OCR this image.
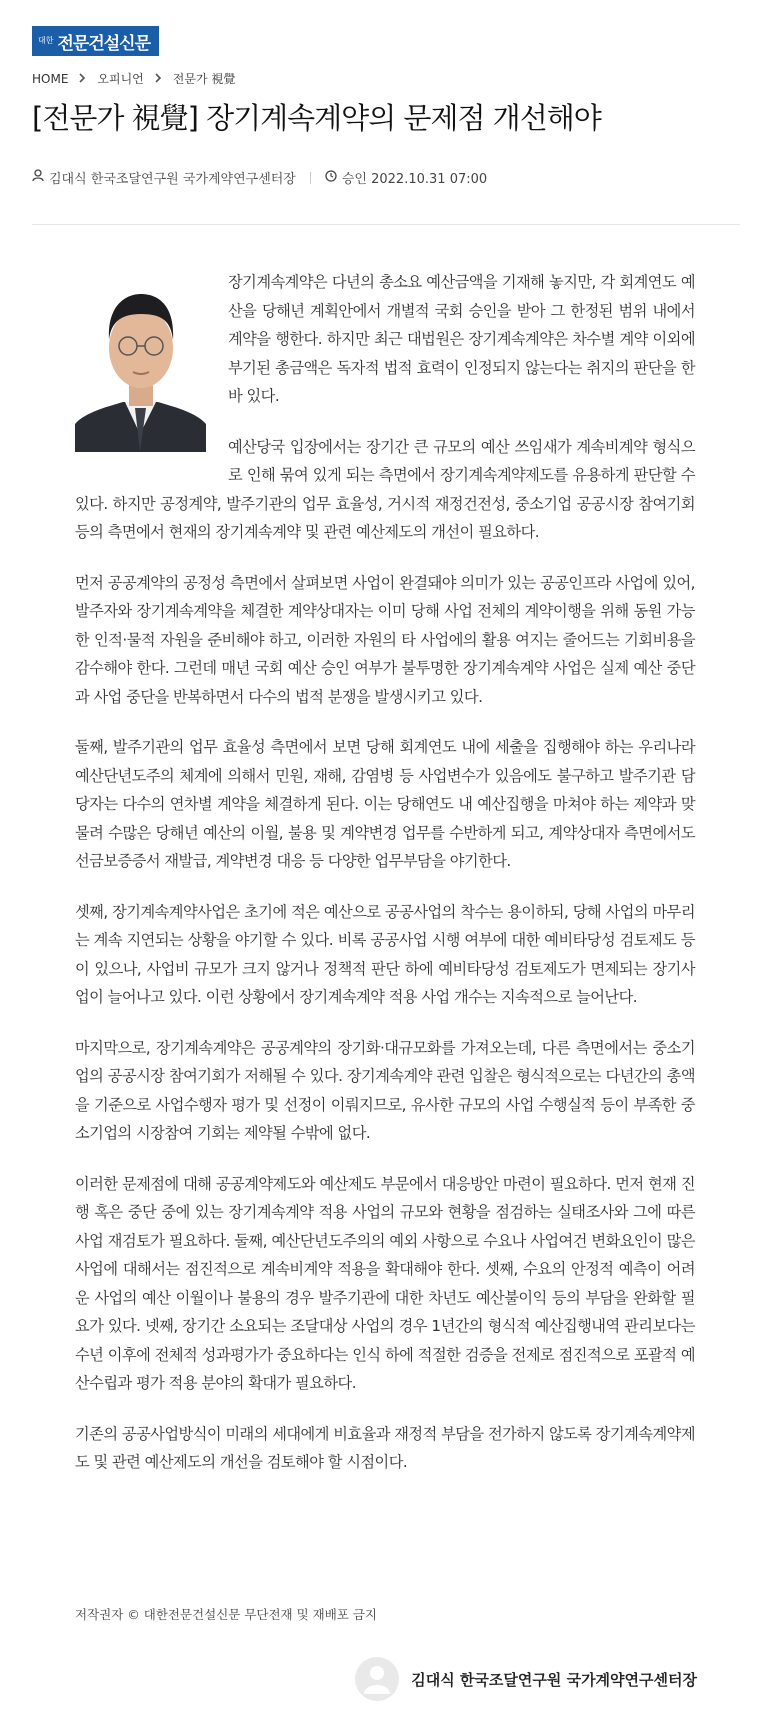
대한 전문건설신문
HOME 오피니언 전문가 視覺
[전문가 視覺] 장기계속계약의 문제점 개선해야
김대식 한국조달연구원 국가계약연구센터장	승인 2022.10.31 07:00

장기계속계약은 다년의 총소요 예산금액을 기재해 놓지만, 각 회계연도 예산을 당해년 계획안에서 개별적 국회 승인을 받아 그 한정된 범위 내에서 계약을 행한다. 하지만 최근 대법원은 장기계속계약은 차수별 계약 이외에 부기된 총금액은 독자적 법적 효력이 인정되지 않는다는 취지의 판단을 한 바 있다.

예산당국 입장에서는 장기간 큰 규모의 예산 쓰임새가 계속비계약 형식으로 인해 묶여 있게 되는 측면에서 장기계속계약제도를 유용하게 판단할 수 있다. 하지만 공정계약, 발주기관의 업무 효율성, 거시적 재정건전성, 중소기업 공공시장 참여기회 등의 측면에서 현재의 장기계속계약 및 관련 예산제도의 개선이 필요하다.

먼저 공공계약의 공정성 측면에서 살펴보면 사업이 완결돼야 의미가 있는 공공인프라 사업에 있어, 발주자와 장기계속계약을 체결한 계약상대자는 이미 당해 사업 전체의 계약이행을 위해 동원 가능한 인적·물적 자원을 준비해야 하고, 이러한 자원의 타 사업에의 활용 여지는 줄어드는 기회비용을 감수해야 한다. 그런데 매년 국회 예산 승인 여부가 불투명한 장기계속계약 사업은 실제 예산 중단과 사업 중단을 반복하면서 다수의 법적 분쟁을 발생시키고 있다.

둘째, 발주기관의 업무 효율성 측면에서 보면 당해 회계연도 내에 세출을 집행해야 하는 우리나라 예산단년도주의 체계에 의해서 민원, 재해, 감염병 등 사업변수가 있음에도 불구하고 발주기관 담당자는 다수의 연차별 계약을 체결하게 된다. 이는 당해연도 내 예산집행을 마쳐야 하는 제약과 맞물려 수많은 당해년 예산의 이월, 불용 및 계약변경 업무를 수반하게 되고, 계약상대자 측면에서도 선금보증증서 재발급, 계약변경 대응 등 다양한 업무부담을 야기한다.

셋째, 장기계속계약사업은 초기에 적은 예산으로 공공사업의 착수는 용이하되, 당해 사업의 마무리는 계속 지연되는 상황을 야기할 수 있다. 비록 공공사업 시행 여부에 대한 예비타당성 검토제도 등이 있으나, 사업비 규모가 크지 않거나 정책적 판단 하에 예비타당성 검토제도가 면제되는 장기사업이 늘어나고 있다. 이런 상황에서 장기계속계약 적용 사업 개수는 지속적으로 늘어난다.

마지막으로, 장기계속계약은 공공계약의 장기화·대규모화를 가져오는데, 다른 측면에서는 중소기업의 공공시장 참여기회가 저해될 수 있다. 장기계속계약 관련 입찰은 형식적으로는 다년간의 총액을 기준으로 사업수행자 평가 및 선정이 이뤄지므로, 유사한 규모의 사업 수행실적 등이 부족한 중소기업의 시장참여 기회는 제약될 수밖에 없다.

이러한 문제점에 대해 공공계약제도와 예산제도 부문에서 대응방안 마련이 필요하다. 먼저 현재 진행 혹은 중단 중에 있는 장기계속계약 적용 사업의 규모와 현황을 점검하는 실태조사와 그에 따른 사업 재검토가 필요하다. 둘째, 예산단년도주의의 예외 사항으로 수요나 사업여건 변화요인이 많은 사업에 대해서는 점진적으로 계속비계약 적용을 확대해야 한다. 셋째, 수요의 안정적 예측이 어려운 사업의 예산 이월이나 불용의 경우 발주기관에 대한 차년도 예산불이익 등의 부담을 완화할 필요가 있다. 넷째, 장기간 소요되는 조달대상 사업의 경우 1년간의 형식적 예산집행내역 관리보다는 수년 이후에 전체적 성과평가가 중요하다는 인식 하에 적절한 검증을 전제로 점진적으로 포괄적 예산수립과 평가 적용 분야의 확대가 필요하다.

기존의 공공사업방식이 미래의 세대에게 비효율과 재정적 부담을 전가하지 않도록 장기계속계약제도 및 관련 예산제도의 개선을 검토해야 할 시점이다.

저작권자 © 대한전문건설신문 무단전재 및 재배포 금지
김대식 한국조달연구원 국가계약연구센터장
